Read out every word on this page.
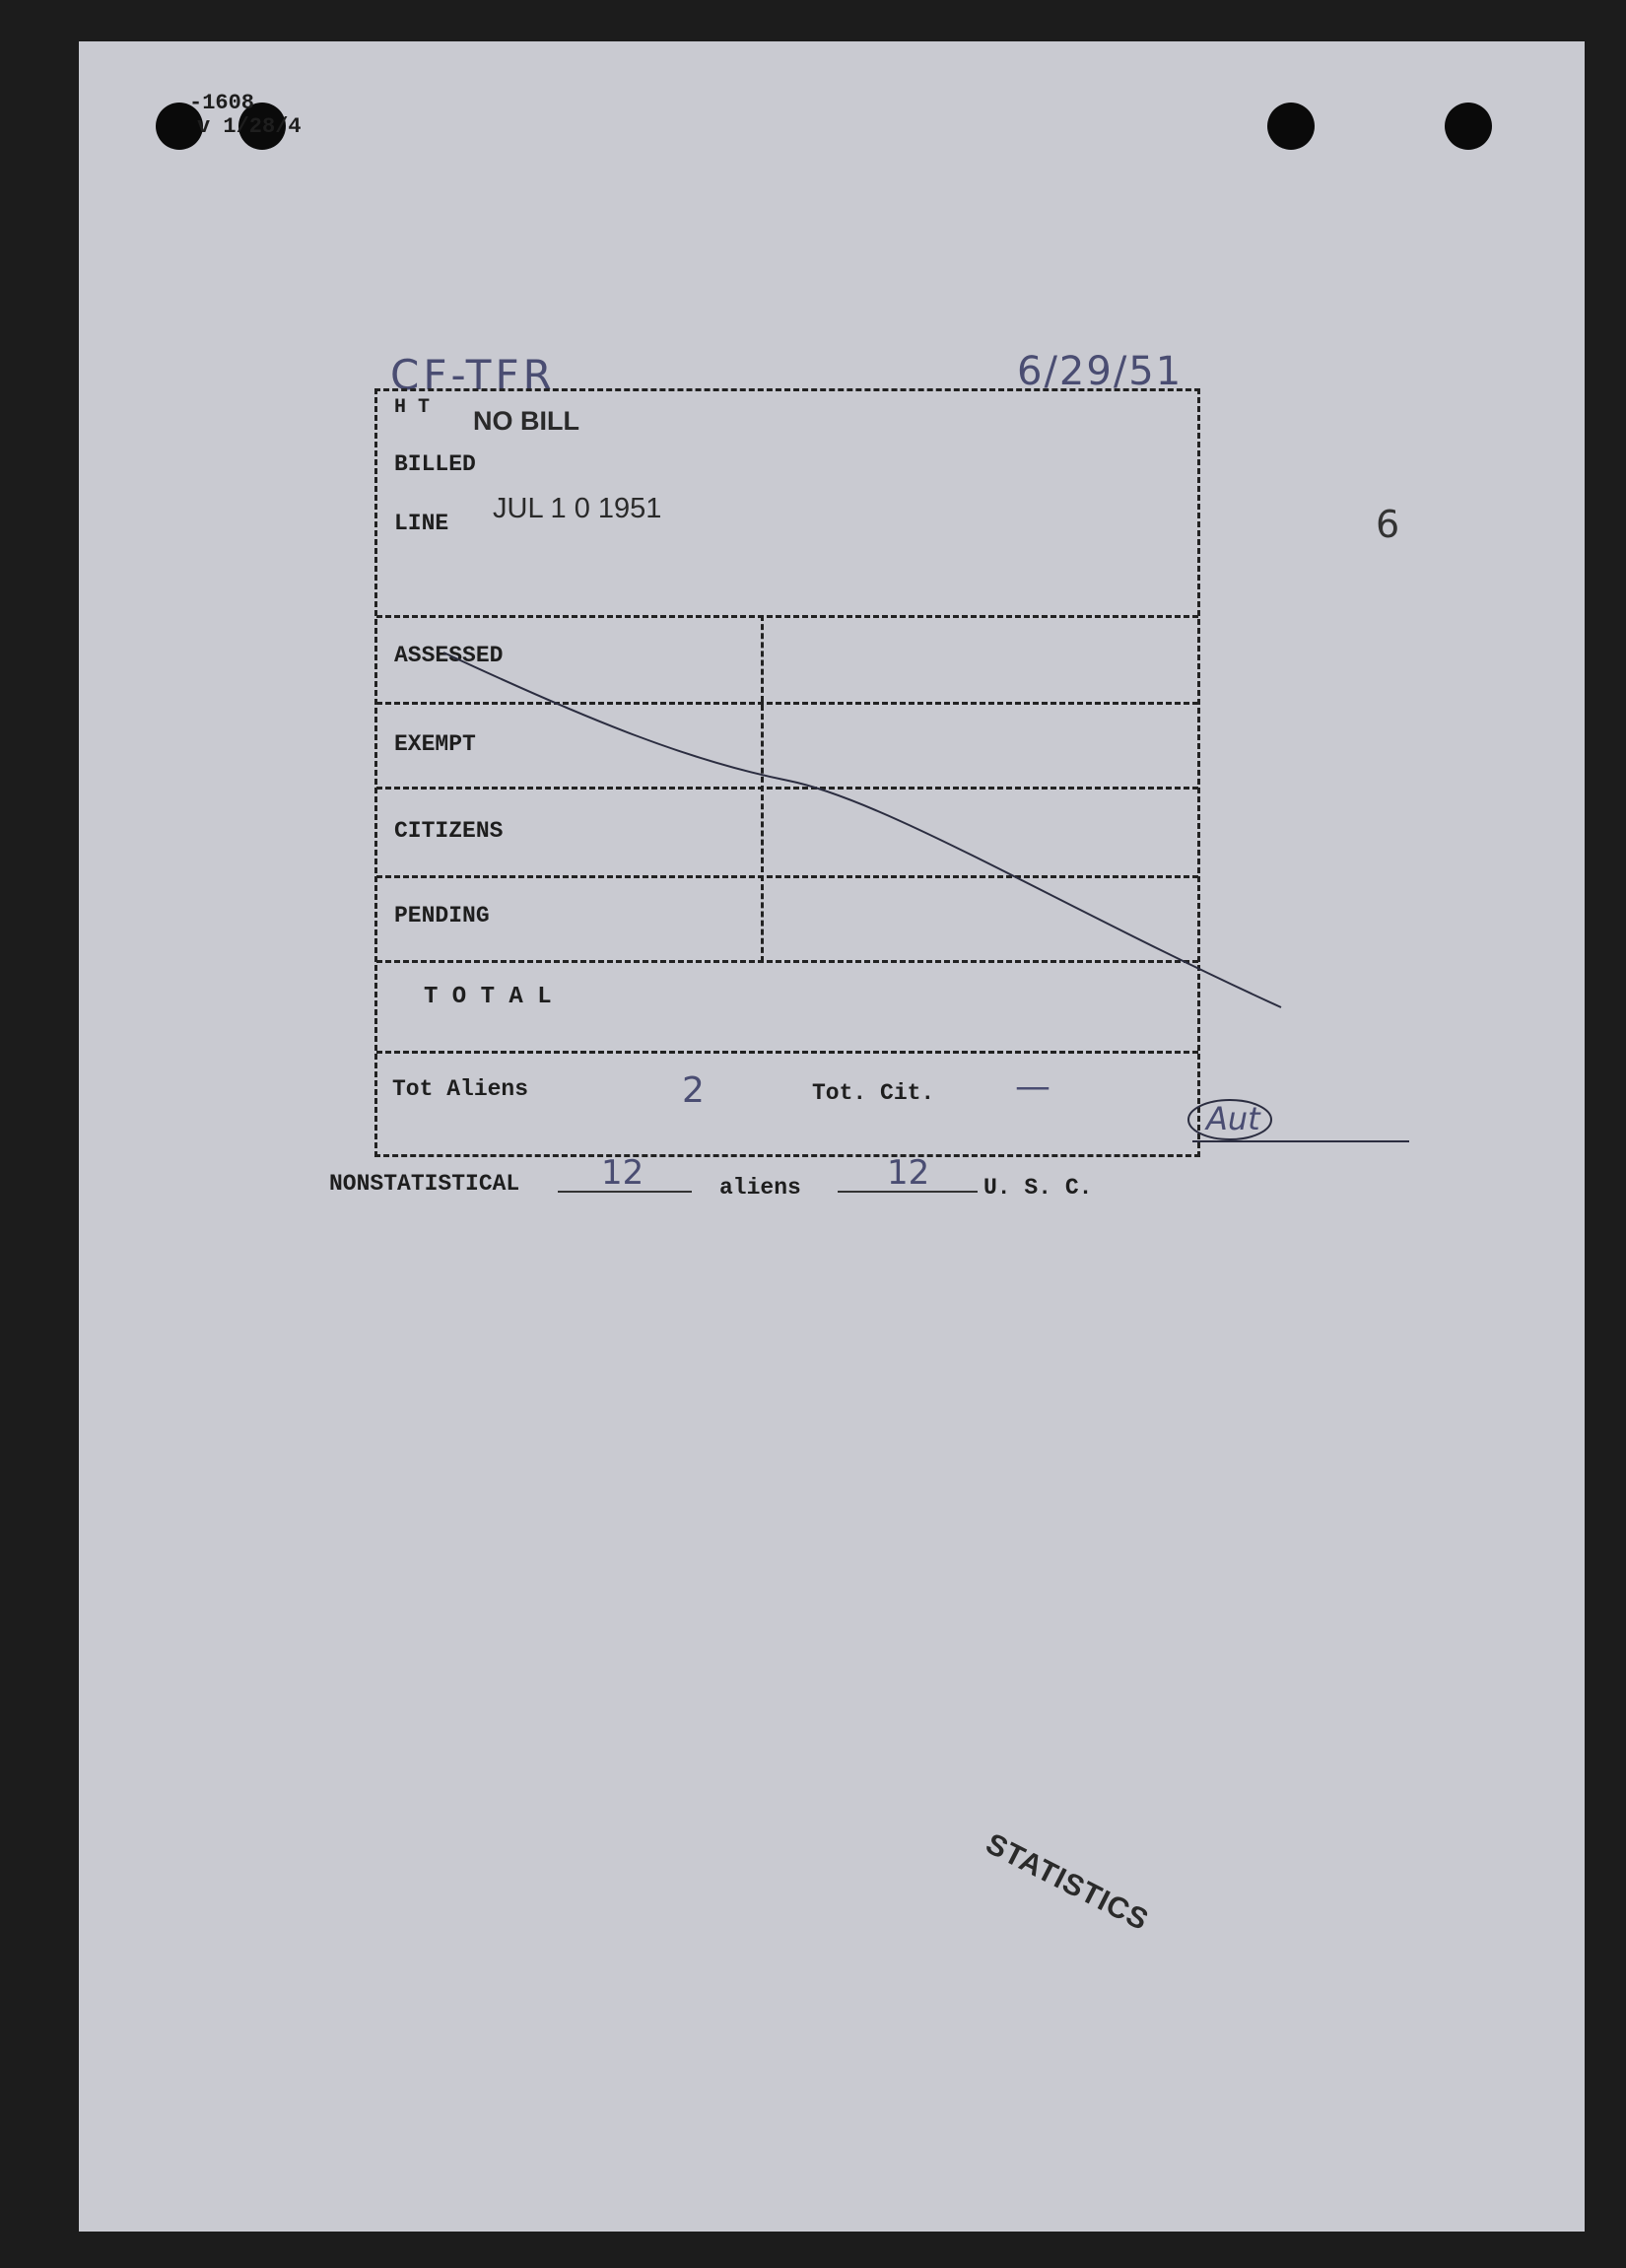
-1608
v 1/28/4
CF-TFR	6/29/51
6
H T NO BILL
BILLED
LINE JUL 1 0 1951
ASSESSED
EXEMPT
CITIZENS
PENDING
T O T A L
Tot Aliens	2	Tot. Cit. —
Aut
NONSTATISTICAL 12	aliens	12 U. S. C.
STATISTICS
